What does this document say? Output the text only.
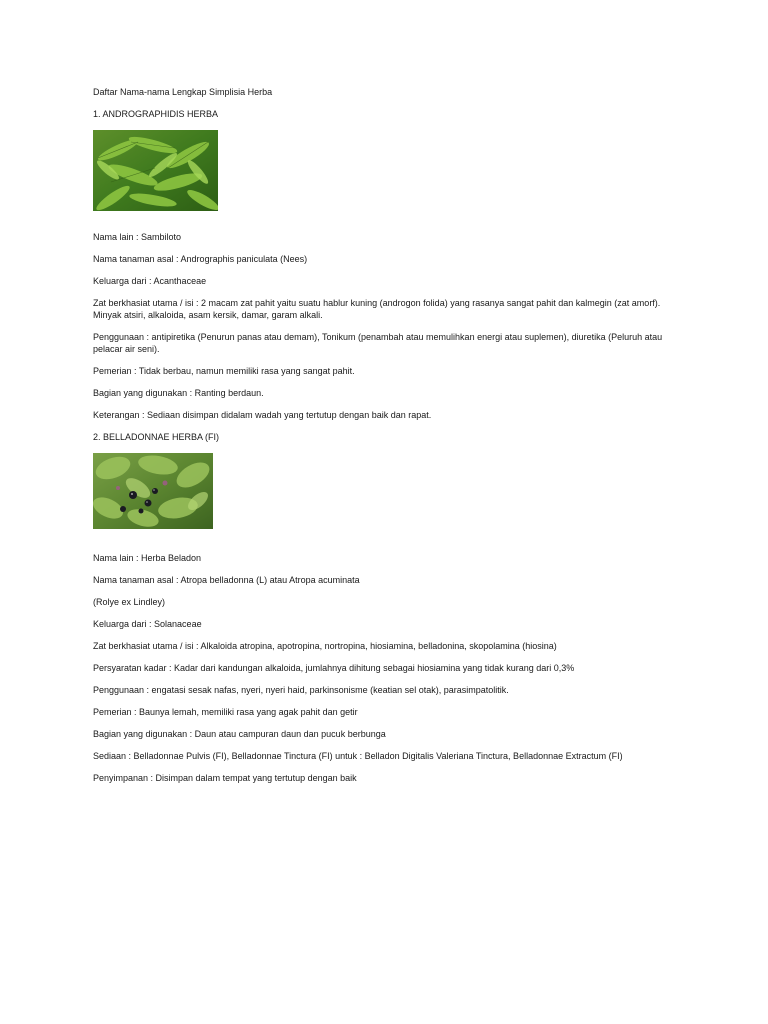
Daftar Nama-nama Lengkap Simplisia Herba

1. ANDROGRAPHIDIS HERBA

Nama lain : Sambiloto

Nama tanaman asal : Andrographis paniculata (Nees)

Keluarga dari : Acanthaceae

Zat berkhasiat utama / isi : 2 macam zat pahit yaitu suatu hablur kuning (androgon folida) yang rasanya sangat pahit dan kalmegin (zat amorf). Minyak atsiri, alkaloida, asam kersik, damar, garam alkali.

Penggunaan : antipiretika (Penurun panas atau demam), Tonikum (penambah atau memulihkan energi atau suplemen), diuretika (Peluruh atau pelacar air seni).

Pemerian : Tidak berbau, namun memiliki rasa yang sangat pahit.

Bagian yang digunakan : Ranting berdaun.

Keterangan : Sediaan disimpan didalam wadah yang tertutup dengan baik dan rapat.

2. BELLADONNAE HERBA (FI)

Nama lain : Herba Beladon

Nama tanaman asal : Atropa belladonna (L) atau Atropa acuminata

(Rolye ex Lindley)

Keluarga dari : Solanaceae

Zat berkhasiat utama / isi : Alkaloida atropina, apotropina, nortropina, hiosiamina, belladonina, skopolamina (hiosina)

Persyaratan kadar : Kadar dari kandungan alkaloida, jumlahnya dihitung sebagai hiosiamina yang tidak kurang dari 0,3%

Penggunaan : engatasi sesak nafas, nyeri, nyeri haid, parkinsonisme (keatian sel otak), parasimpatolitik.

Pemerian : Baunya lemah, memiliki rasa yang agak pahit dan getir

Bagian yang digunakan : Daun atau campuran daun dan pucuk berbunga

Sediaan : Belladonnae Pulvis (FI), Belladonnae Tinctura (FI) untuk : Belladon Digitalis Valeriana Tinctura, Belladonnae Extractum (FI)

Penyimpanan : Disimpan dalam tempat yang tertutup dengan baik
